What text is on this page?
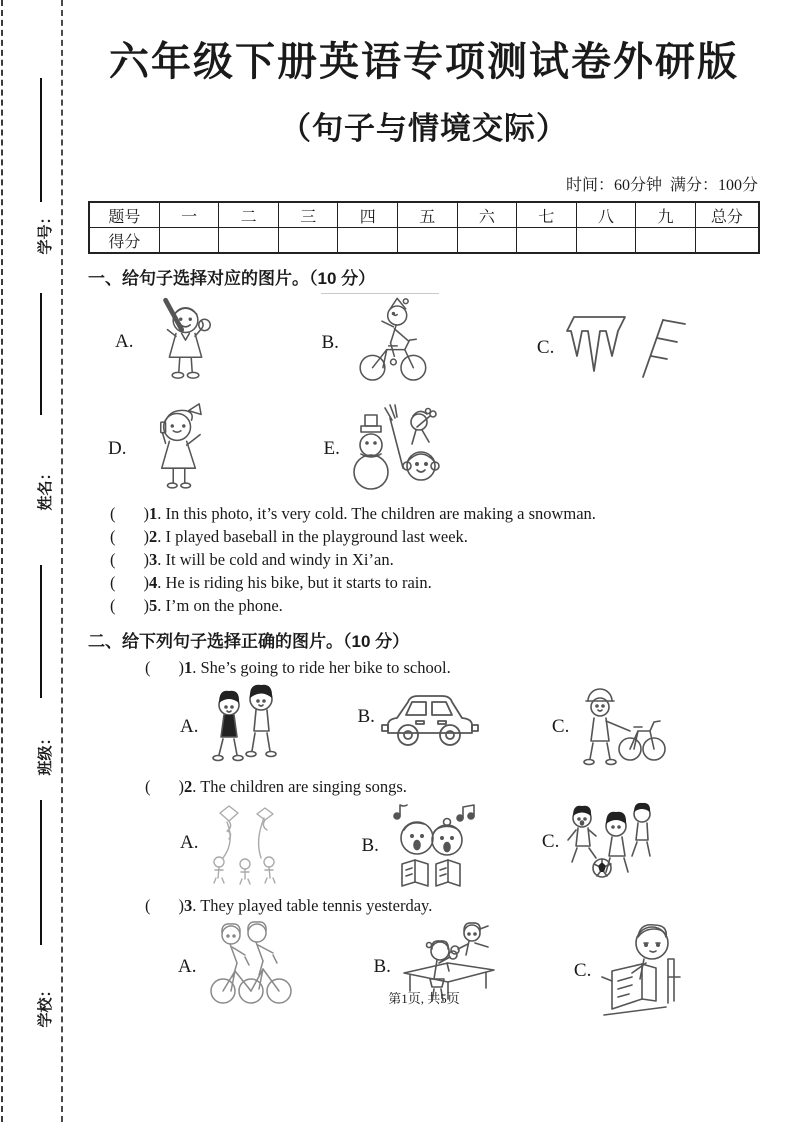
学号：
姓名：
班级：
学校：
六年级下册英语专项测试卷外研版
（句子与情境交际）
时间：60分钟  满分：100分
题号	一	二	三	四	五	六	七	八	九	总分
得分										
一、给句子选择对应的图片。（10 分）
A.	B.	C.
D.	E.
( )1. In this photo, it’s very cold. The children are making a snowman.
( )2. I played baseball in the playground last week.
( )3. It will be cold and windy in Xi’an.
( )4. He is riding his bike, but it starts to rain.
( )5. I’m on the phone.
二、给下列句子选择正确的图片。（10 分）
( )1. She’s going to ride her bike to school.
A.	B.	C.
( )2. The children are singing songs.
A.	B.	C.
( )3. They played table tennis yesterday.
A.	B.	C.
第1页, 共5页
